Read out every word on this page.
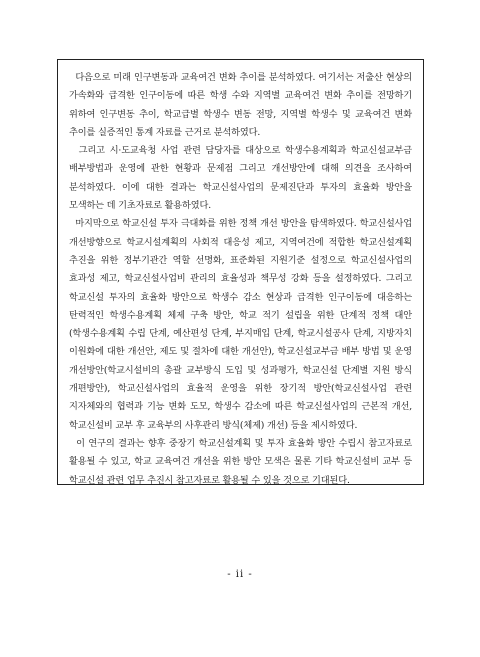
다음으로 미래 인구변동과 교육여건 변화 추이를 분석하였다. 여기서는 저출산 현상의 가속화와 급격한 인구이동에 따른 학생 수와 지역별 교육여건 변화 추이를 전망하기 위하여 인구변동 추이, 학교급별 학생수 변동 전망, 지역별 학생수 및 교육여건 변화 추이를 실증적인 통계 자료를 근거로 분석하였다.

그리고 시·도교육청 사업 관련 담당자를 대상으로 학생수용계획과 학교신설교부금 배부방법과 운영에 관한 현황과 문제점 그리고 개선방안에 대해 의견을 조사하여 분석하였다. 이에 대한 결과는 학교신설사업의 문제진단과 투자의 효율화 방안을 모색하는 데 기초자료로 활용하였다.

마지막으로 학교신설 투자 극대화를 위한 정책 개선 방안을 탐색하였다. 학교신설사업 개선방향으로 학교시설계획의 사회적 대응성 제고, 지역여건에 적합한 학교신설계획 추진을 위한 정부기관간 역할 선명화, 표준화된 지원기준 설정으로 학교신설사업의 효과성 제고, 학교신설사업비 관리의 효율성과 책무성 강화 등을 설정하였다. 그리고 학교신설 투자의 효율화 방안으로 학생수 감소 현상과 급격한 인구이동에 대응하는 탄력적인 학생수용계획 체제 구축 방안, 학교 적기 설립을 위한 단계적 정책 대안(학생수용계획 수립 단계, 예산편성 단계, 부지매입 단계, 학교시설공사 단계, 지방자치 이원화에 대한 개선안, 제도 및 절차에 대한 개선안), 학교신설교부금 배부 방법 및 운영 개선방안(학교시설비의 총괄 교부방식 도입 및 성과평가, 학교신설 단계별 지원 방식 개편방안), 학교신설사업의 효율적 운영을 위한 장기적 방안(학교신설사업 관련 지자체와의 협력과 기능 변화 도모, 학생수 감소에 따른 학교신설사업의 근본적 개선, 학교신설비 교부 후 교육부의 사후관리 방식(체제) 개선) 등을 제시하였다.

이 연구의 결과는 향후 중장기 학교신설계획 및 투자 효율화 방안 수립시 참고자료로 활용될 수 있고, 학교 교육여건 개선을 위한 방안 모색은 물론 기타 학교신설비 교부 등 학교신설 관련 업무 추진시 참고자료로 활용될 수 있을 것으로 기대된다.

- ii -
